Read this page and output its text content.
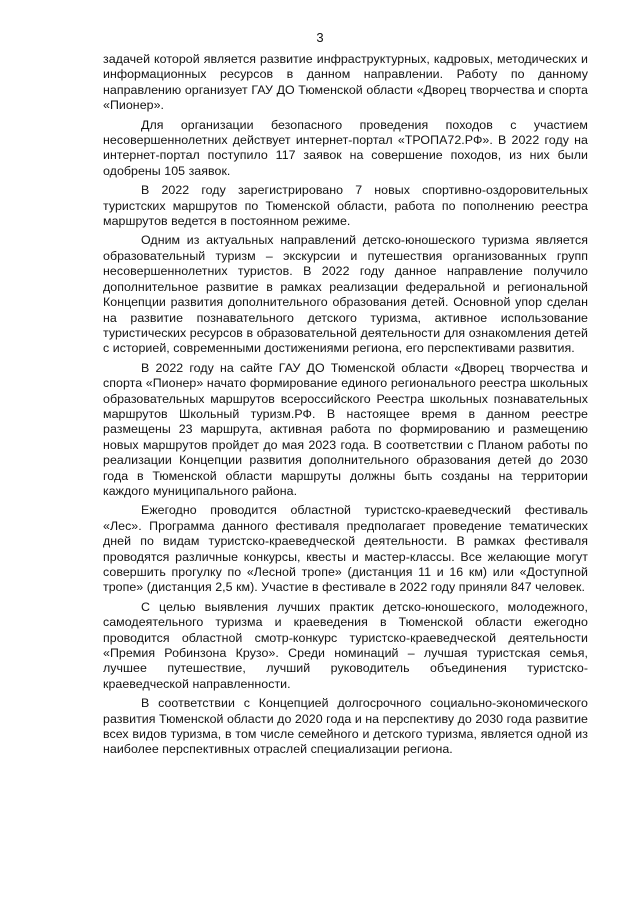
3

задачей которой является развитие инфраструктурных, кадровых, методических и информационных ресурсов в данном направлении. Работу по данному направлению организует ГАУ ДО Тюменской области «Дворец творчества и спорта «Пионер».

Для организации безопасного проведения походов с участием несовершеннолетних действует интернет-портал «ТРОПА72.РФ». В 2022 году на интернет-портал поступило 117 заявок на совершение походов, из них были одобрены 105 заявок.

В 2022 году зарегистрировано 7 новых спортивно-оздоровительных туристских маршрутов по Тюменской области, работа по пополнению реестра маршрутов ведется в постоянном режиме.

Одним из актуальных направлений детско-юношеского туризма является образовательный туризм – экскурсии и путешествия организованных групп несовершеннолетних туристов. В 2022 году данное направление получило дополнительное развитие в рамках реализации федеральной и региональной Концепции развития дополнительного образования детей. Основной упор сделан на развитие познавательного детского туризма, активное использование туристических ресурсов в образовательной деятельности для ознакомления детей с историей, современными достижениями региона, его перспективами развития.

В 2022 году на сайте ГАУ ДО Тюменской области «Дворец творчества и спорта «Пионер» начато формирование единого регионального реестра школьных образовательных маршрутов всероссийского Реестра школьных познавательных маршрутов Школьный туризм.РФ. В настоящее время в данном реестре размещены 23 маршрута, активная работа по формированию и размещению новых маршрутов пройдет до мая 2023 года. В соответствии с Планом работы по реализации Концепции развития дополнительного образования детей до 2030 года в Тюменской области маршруты должны быть созданы на территории каждого муниципального района.

Ежегодно проводится областной туристско-краеведческий фестиваль «Лес». Программа данного фестиваля предполагает проведение тематических дней по видам туристско-краеведческой деятельности. В рамках фестиваля проводятся различные конкурсы, квесты и мастер-классы. Все желающие могут совершить прогулку по «Лесной тропе» (дистанция 11 и 16 км) или «Доступной тропе» (дистанция 2,5 км). Участие в фестивале в 2022 году приняли 847 человек.

С целью выявления лучших практик детско-юношеского, молодежного, самодеятельного туризма и краеведения в Тюменской области ежегодно проводится областной смотр-конкурс туристско-краеведческой деятельности «Премия Робинзона Крузо». Среди номинаций – лучшая туристская семья, лучшее путешествие, лучший руководитель объединения туристско-краеведческой направленности.

В соответствии с Концепцией долгосрочного социально-экономического развития Тюменской области до 2020 года и на перспективу до 2030 года развитие всех видов туризма, в том числе семейного и детского туризма, является одной из наиболее перспективных отраслей специализации региона.
